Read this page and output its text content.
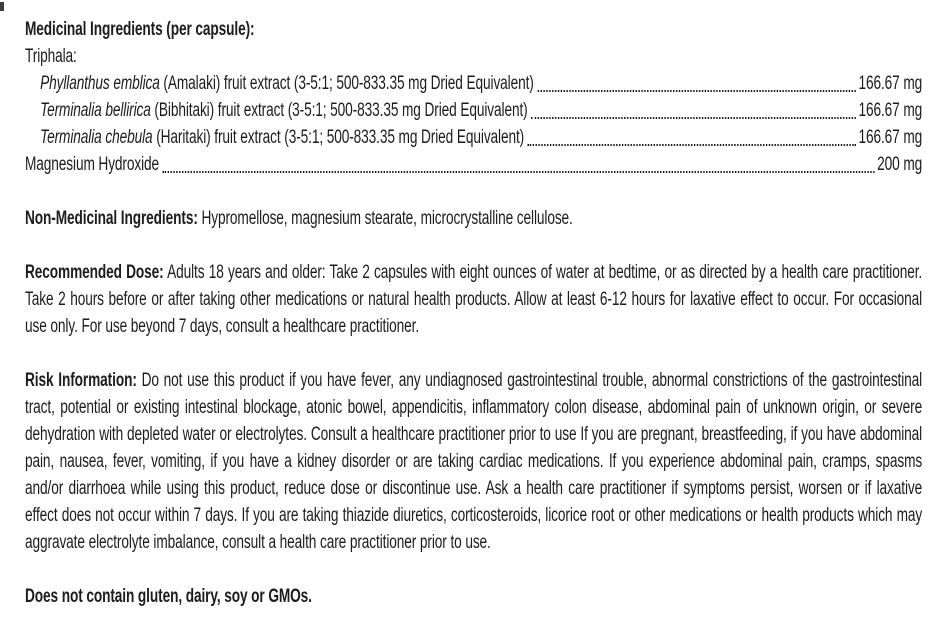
Medicinal Ingredients (per capsule):
Triphala:
Phyllanthus emblica (Amalaki) fruit extract (3-5:1; 500-833.35 mg Dried Equivalent)	166.67 mg
Terminalia bellirica (Bibhitaki) fruit extract (3-5:1; 500-833.35 mg Dried Equivalent)	166.67 mg
Terminalia chebula (Haritaki) fruit extract (3-5:1; 500-833.35 mg Dried Equivalent)	166.67 mg
Magnesium Hydroxide	200 mg

Non-Medicinal Ingredients: Hypromellose, magnesium stearate, microcrystalline cellulose.

Recommended Dose: Adults 18 years and older: Take 2 capsules with eight ounces of water at bedtime, or as directed by a health care practitioner. Take 2 hours before or after taking other medications or natural health products. Allow at least 6-12 hours for laxative effect to occur. For occasional use only. For use beyond 7 days, consult a healthcare practitioner.

Risk Information: Do not use this product if you have fever, any undiagnosed gastrointestinal trouble, abnormal constrictions of the gastrointestinal tract, potential or existing intestinal blockage, atonic bowel, appendicitis, inflammatory colon disease, abdominal pain of unknown origin, or severe dehydration with depleted water or electrolytes. Consult a healthcare practitioner prior to use If you are pregnant, breastfeeding, if you have abdominal pain, nausea, fever, vomiting, if you have a kidney disorder or are taking cardiac medications. If you experience abdominal pain, cramps, spasms and/or diarrhoea while using this product, reduce dose or discontinue use. Ask a health care practitioner if symptoms persist, worsen or if laxative effect does not occur within 7 days. If you are taking thiazide diuretics, corticosteroids, licorice root or other medications or health products which may aggravate electrolyte imbalance, consult a health care practitioner prior to use.

Does not contain gluten, dairy, soy or GMOs.
